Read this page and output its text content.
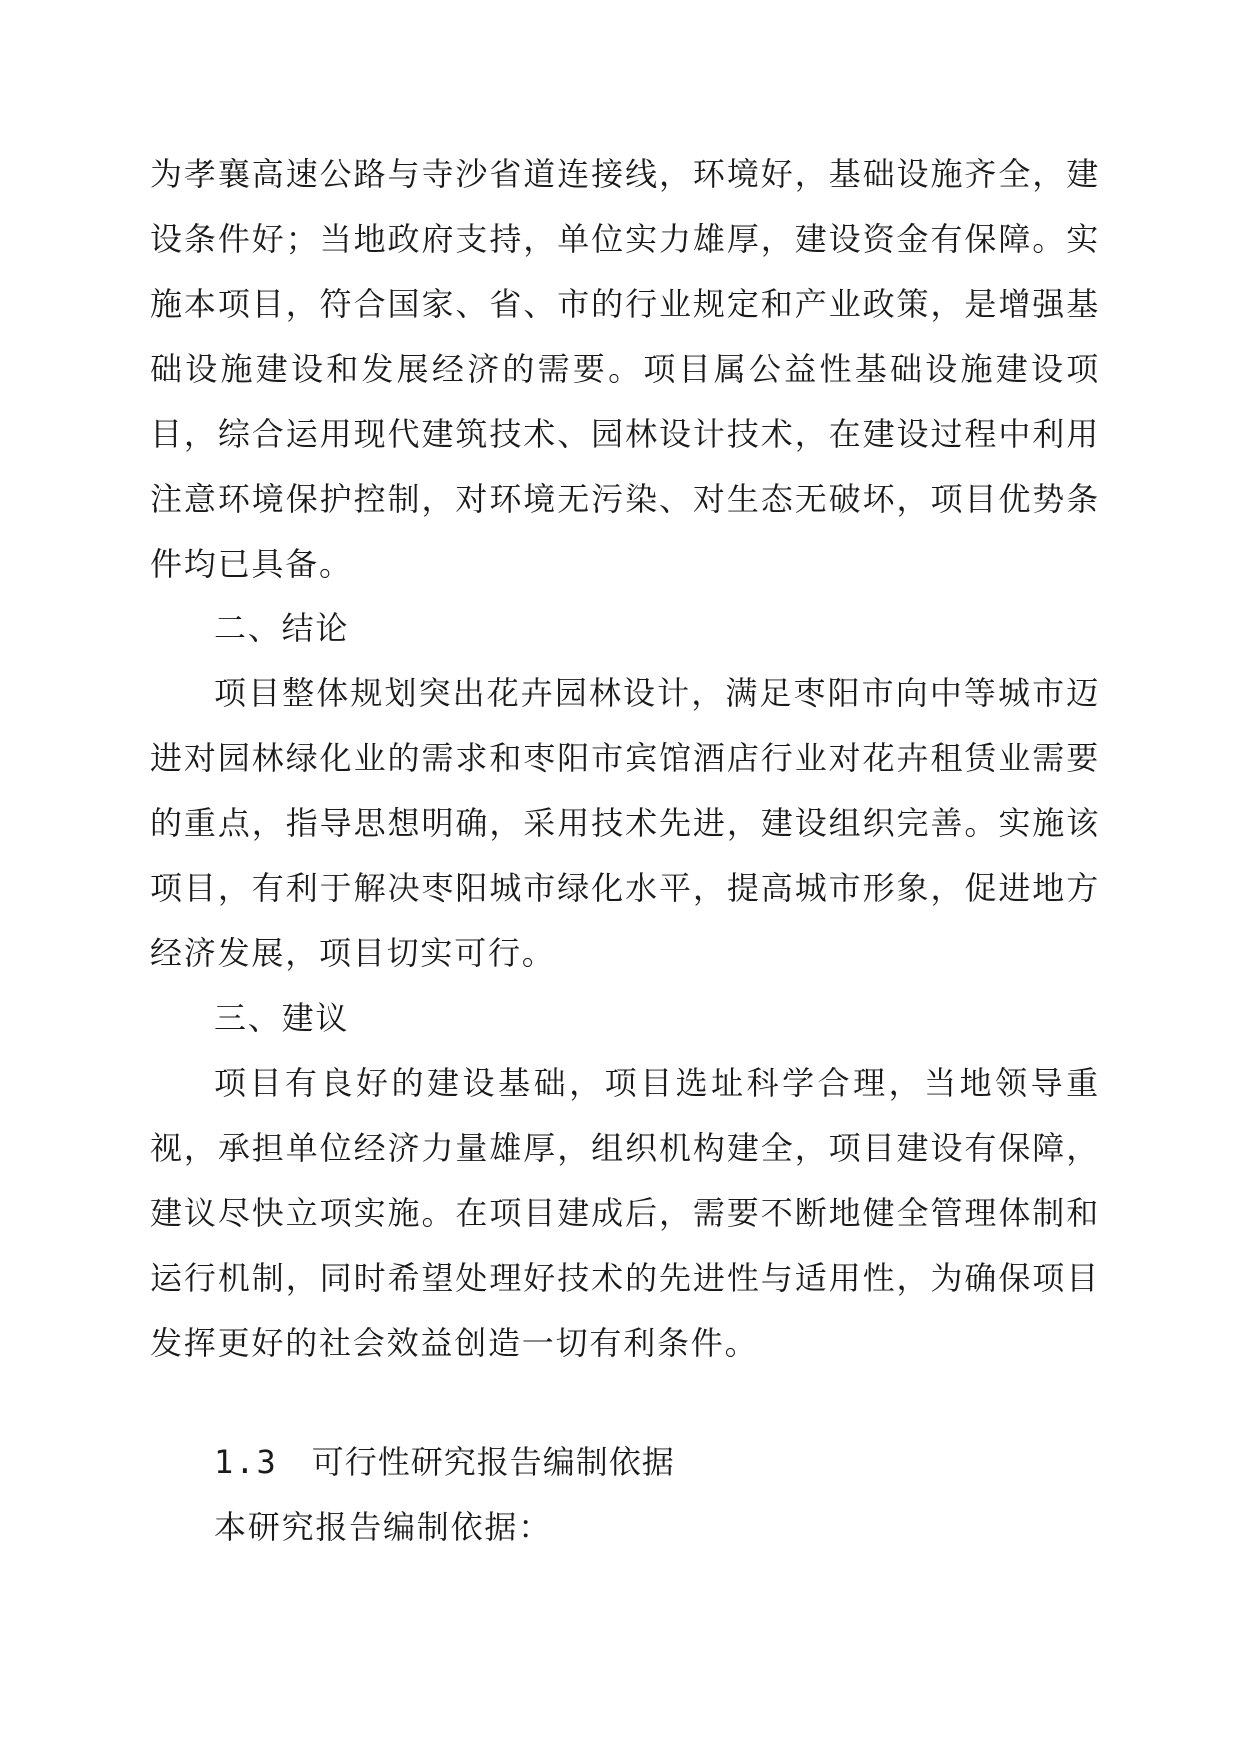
为孝襄高速公路与寺沙省道连接线，环境好，基础设施齐全，建设条件好；当地政府支持，单位实力雄厚，建设资金有保障。实施本项目，符合国家、省、市的行业规定和产业政策，是增强基础设施建设和发展经济的需要。项目属公益性基础设施建设项目，综合运用现代建筑技术、园林设计技术，在建设过程中利用注意环境保护控制，对环境无污染、对生态无破坏，项目优势条件均已具备。

二、结论

项目整体规划突出花卉园林设计，满足枣阳市向中等城市迈进对园林绿化业的需求和枣阳市宾馆酒店行业对花卉租赁业需要的重点，指导思想明确，采用技术先进，建设组织完善。实施该项目，有利于解决枣阳城市绿化水平，提高城市形象，促进地方经济发展，项目切实可行。

三、建议

项目有良好的建设基础，项目选址科学合理，当地领导重视，承担单位经济力量雄厚，组织机构建全，项目建设有保障，建议尽快立项实施。在项目建成后，需要不断地健全管理体制和运行机制，同时希望处理好技术的先进性与适用性，为确保项目发挥更好的社会效益创造一切有利条件。

1.3 可行性研究报告编制依据

本研究报告编制依据：
